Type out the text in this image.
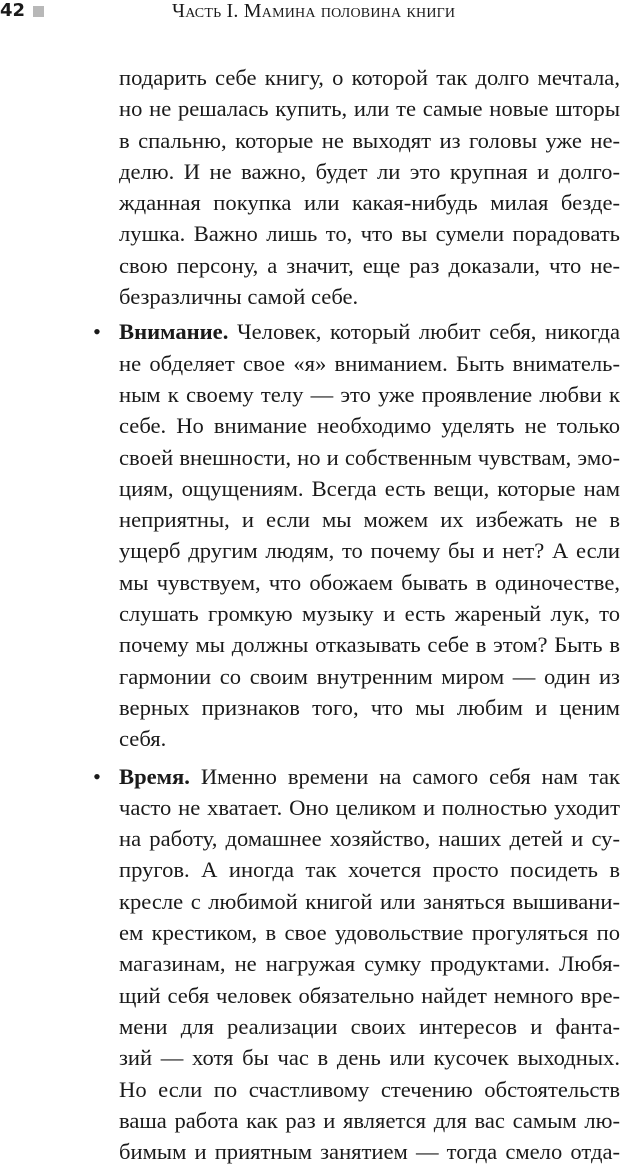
42	Часть I. Мамина половина книги
подарить себе книгу, о которой так долго мечтала,
но не решалась купить, или те самые новые шторы
в спальню, которые не выходят из головы уже не-
делю. И не важно, будет ли это крупная и долго-
жданная покупка или какая-нибудь милая безде-
лушка. Важно лишь то, что вы сумели порадовать
свою персону, а значит, еще раз доказали, что не-
безразличны самой себе.
• Внимание. Человек, который любит себя, никогда
не обделяет свое «я» вниманием. Быть вниматель-
ным к своему телу — это уже проявление любви к
себе. Но внимание необходимо уделять не только
своей внешности, но и собственным чувствам, эмо-
циям, ощущениям. Всегда есть вещи, которые нам
неприятны, и если мы можем их избежать не в
ущерб другим людям, то почему бы и нет? А если
мы чувствуем, что обожаем бывать в одиночестве,
слушать громкую музыку и есть жареный лук, то
почему мы должны отказывать себе в этом? Быть в
гармонии со своим внутренним миром — один из
верных признаков того, что мы любим и ценим
себя.
• Время. Именно времени на самого себя нам так
часто не хватает. Оно целиком и полностью уходит
на работу, домашнее хозяйство, наших детей и су-
пругов. А иногда так хочется просто посидеть в
кресле с любимой книгой или заняться вышивани-
ем крестиком, в свое удовольствие прогуляться по
магазинам, не нагружая сумку продуктами. Любя-
щий себя человек обязательно найдет немного вре-
мени для реализации своих интересов и фанта-
зий — хотя бы час в день или кусочек выходных.
Но если по счастливому стечению обстоятельств
ваша работа как раз и является для вас самым лю-
бимым и приятным занятием — тогда смело отда-
